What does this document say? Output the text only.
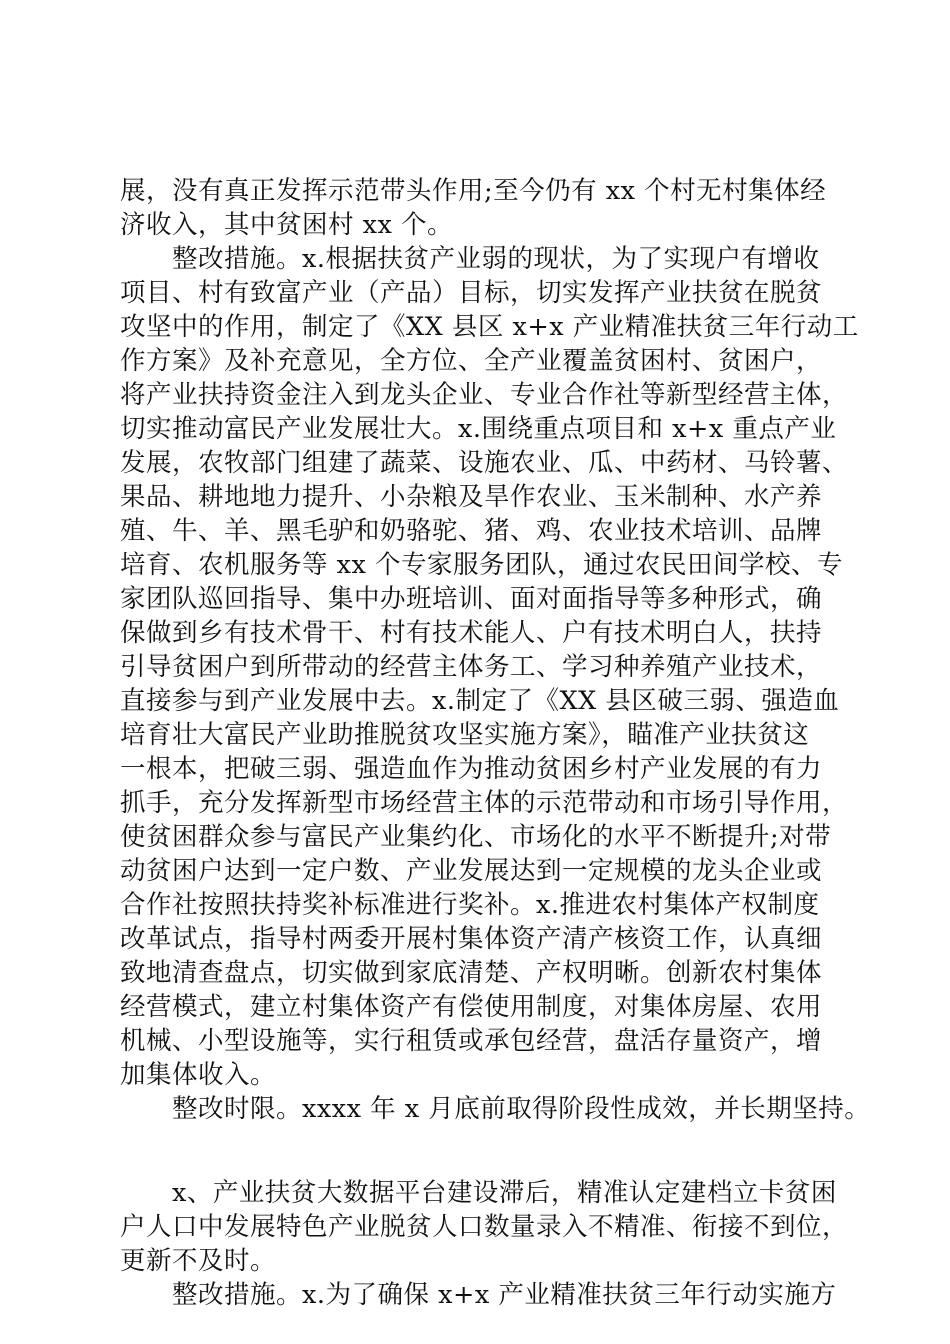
展，没有真正发挥示范带头作用;至今仍有 xx 个村无村集体经
济收入，其中贫困村 xx 个。
　　整改措施。x.根据扶贫产业弱的现状，为了实现户有增收
项目、村有致富产业（产品）目标，切实发挥产业扶贫在脱贫
攻坚中的作用，制定了《XX 县区 x+x 产业精准扶贫三年行动工
作方案》及补充意见，全方位、全产业覆盖贫困村、贫困户，
将产业扶持资金注入到龙头企业、专业合作社等新型经营主体，
切实推动富民产业发展壮大。x.围绕重点项目和 x+x 重点产业
发展，农牧部门组建了蔬菜、设施农业、瓜、中药材、马铃薯、
果品、耕地地力提升、小杂粮及旱作农业、玉米制种、水产养
殖、牛、羊、黑毛驴和奶骆驼、猪、鸡、农业技术培训、品牌
培育、农机服务等 xx 个专家服务团队，通过农民田间学校、专
家团队巡回指导、集中办班培训、面对面指导等多种形式，确
保做到乡有技术骨干、村有技术能人、户有技术明白人，扶持
引导贫困户到所带动的经营主体务工、学习种养殖产业技术，
直接参与到产业发展中去。x.制定了《XX 县区破三弱、强造血
培育壮大富民产业助推脱贫攻坚实施方案》，瞄准产业扶贫这
一根本，把破三弱、强造血作为推动贫困乡村产业发展的有力
抓手，充分发挥新型市场经营主体的示范带动和市场引导作用，
使贫困群众参与富民产业集约化、市场化的水平不断提升;对带
动贫困户达到一定户数、产业发展达到一定规模的龙头企业或
合作社按照扶持奖补标准进行奖补。x.推进农村集体产权制度
改革试点，指导村两委开展村集体资产清产核资工作，认真细
致地清查盘点，切实做到家底清楚、产权明晰。创新农村集体
经营模式，建立村集体资产有偿使用制度，对集体房屋、农用
机械、小型设施等，实行租赁或承包经营，盘活存量资产，增
加集体收入。
　　整改时限。xxxx 年 x 月底前取得阶段性成效，并长期坚持。
　　x、产业扶贫大数据平台建设滞后，精准认定建档立卡贫困
户人口中发展特色产业脱贫人口数量录入不精准、衔接不到位，
更新不及时。
　　整改措施。x.为了确保 x+x 产业精准扶贫三年行动实施方
